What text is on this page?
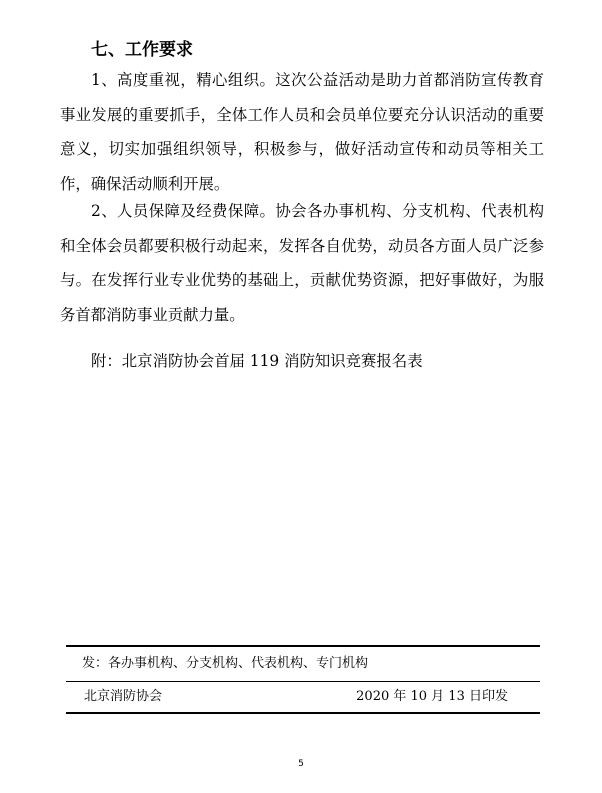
七、工作要求

1、高度重视，精心组织。这次公益活动是助力首都消防宣传教育事业发展的重要抓手，全体工作人员和会员单位要充分认识活动的重要意义，切实加强组织领导，积极参与，做好活动宣传和动员等相关工作，确保活动顺利开展。

2、人员保障及经费保障。协会各办事机构、分支机构、代表机构和全体会员都要积极行动起来，发挥各自优势，动员各方面人员广泛参与。在发挥行业专业优势的基础上，贡献优势资源，把好事做好，为服务首都消防事业贡献力量。

附：北京消防协会首届 119 消防知识竞赛报名表
发：各办事机构、分支机构、代表机构、专门机构
北京消防协会	2020 年 10 月 13 日印发
5
